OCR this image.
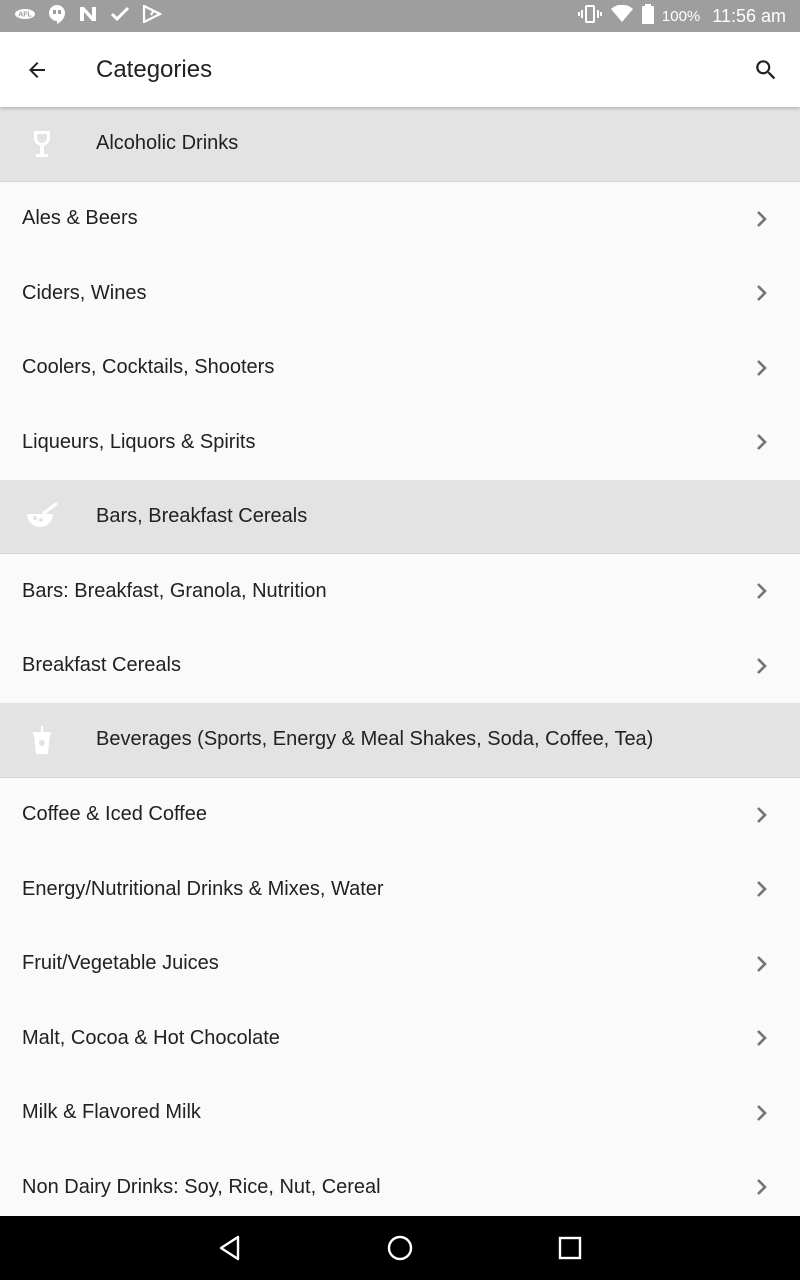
AFL	100% 11:56 am
Categories
Alcoholic Drinks
Ales & Beers
Ciders, Wines
Coolers, Cocktails, Shooters
Liqueurs, Liquors & Spirits
Bars, Breakfast Cereals
Bars: Breakfast, Granola, Nutrition
Breakfast Cereals
Beverages (Sports, Energy & Meal Shakes, Soda, Coffee, Tea)
Coffee & Iced Coffee
Energy/Nutritional Drinks & Mixes, Water
Fruit/Vegetable Juices
Malt, Cocoa & Hot Chocolate
Milk & Flavored Milk
Non Dairy Drinks: Soy, Rice, Nut, Cereal
